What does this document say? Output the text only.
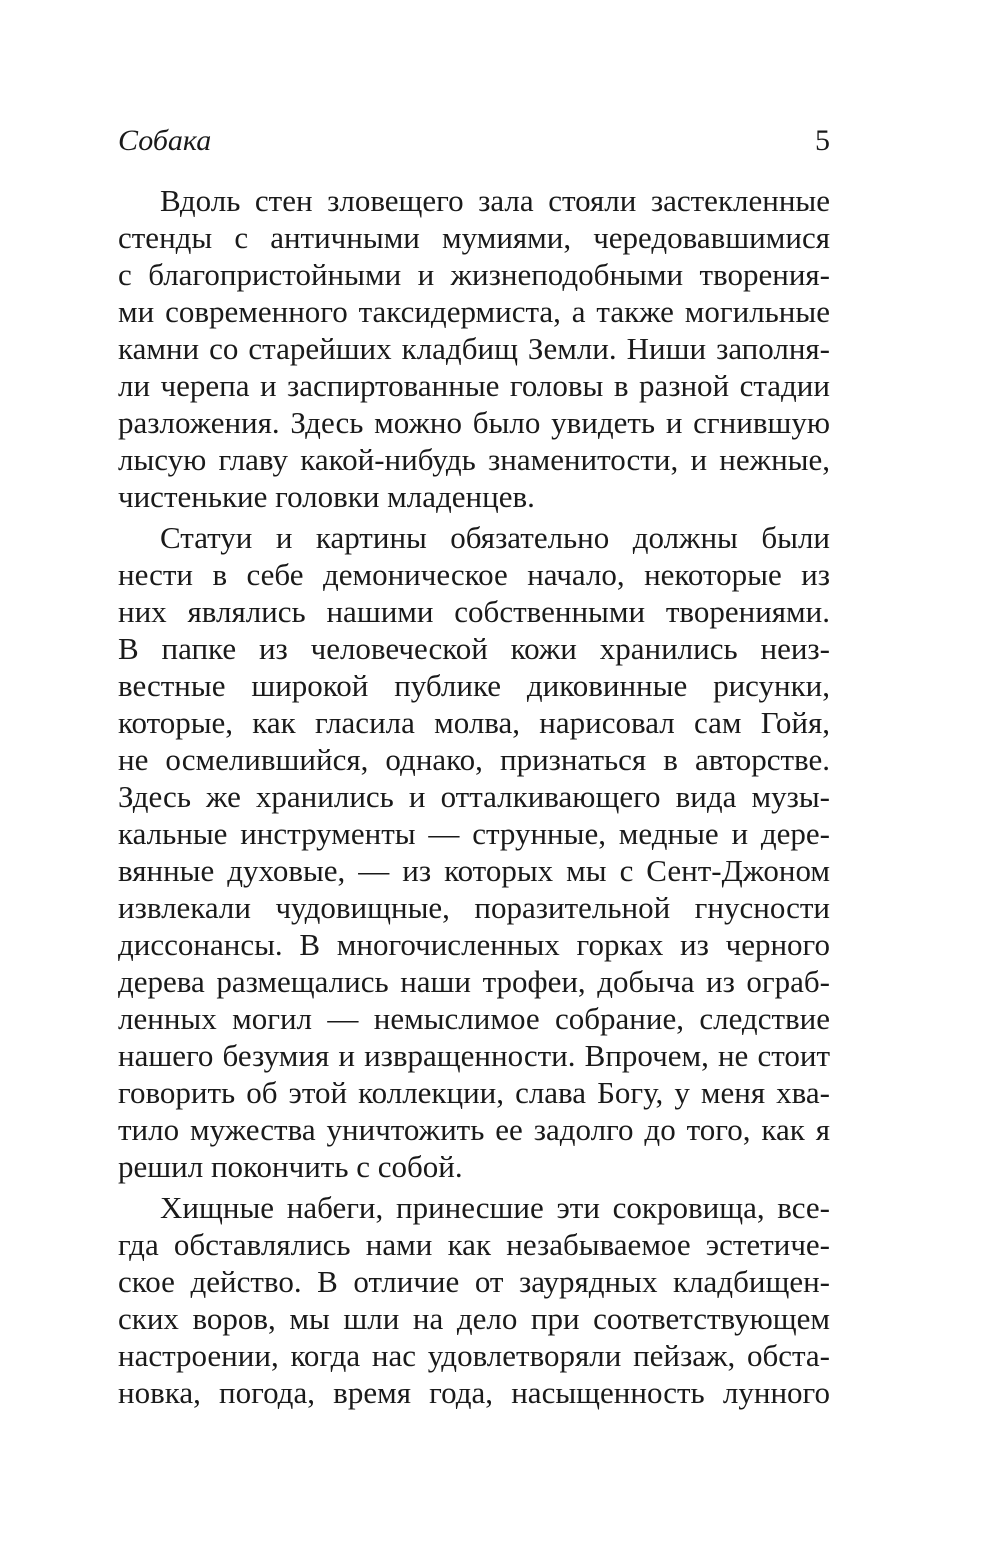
Собака	5
Вдоль стен зловещего зала стояли застекленные
стенды с античными мумиями, чередовавшимися
с благопристойными и жизнеподобными творения-
ми современного таксидермиста, а также могильные
камни со старейших кладбищ Земли. Ниши заполня-
ли черепа и заспиртованные головы в разной стадии
разложения. Здесь можно было увидеть и сгнившую
лысую главу какой-нибудь знаменитости, и нежные,
чистенькие головки младенцев.
Статуи и картины обязательно должны были
нести в себе демоническое начало, некоторые из
них являлись нашими собственными творениями.
В папке из человеческой кожи хранились неиз-
вестные широкой публике диковинные рисунки,
которые, как гласила молва, нарисовал сам Гойя,
не осмелившийся, однако, признаться в авторстве.
Здесь же хранились и отталкивающего вида музы-
кальные инструменты — струнные, медные и дере-
вянные духовые, — из которых мы с Сент-Джоном
извлекали чудовищные, поразительной гнусности
диссонансы. В многочисленных горках из черного
дерева размещались наши трофеи, добыча из ограб-
ленных могил — немыслимое собрание, следствие
нашего безумия и извращенности. Впрочем, не стоит
говорить об этой коллекции, слава Богу, у меня хва-
тило мужества уничтожить ее задолго до того, как я
решил покончить с собой.
Хищные набеги, принесшие эти сокровища, все-
гда обставлялись нами как незабываемое эстетиче-
ское действо. В отличие от заурядных кладбищен-
ских воров, мы шли на дело при соответствующем
настроении, когда нас удовлетворяли пейзаж, обста-
новка, погода, время года, насыщенность лунного
